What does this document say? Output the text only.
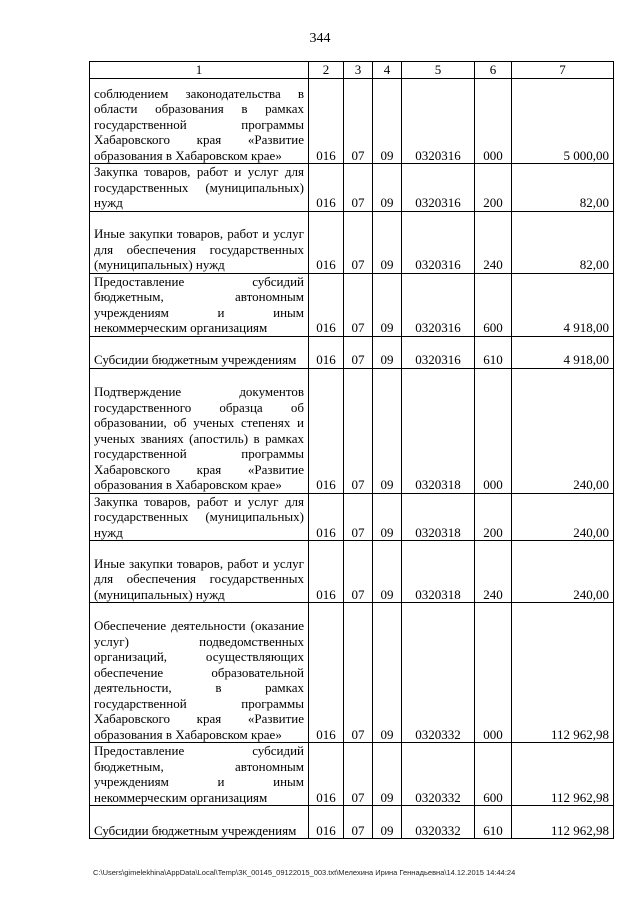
344
1	2	3	4	5	6	7
соблюдением законодательства в области образования в рамках государственной программы Хабаровского края «Развитие образования в Хабаровском крае»	016	07	09	0320316	000	5 000,00
Закупка товаров, работ и услуг для государственных (муниципальных) нужд	016	07	09	0320316	200	82,00
Иные закупки товаров, работ и услуг для обеспечения государственных (муниципальных) нужд	016	07	09	0320316	240	82,00
Предоставление субсидий бюджетным, автономным учреждениям и иным некоммерческим организациям	016	07	09	0320316	600	4 918,00
Субсидии бюджетным учреждениям	016	07	09	0320316	610	4 918,00
Подтверждение документов государственного образца об образовании, об ученых степенях и ученых званиях (апостиль) в рамках государственной программы Хабаровского края «Развитие образования в Хабаровском крае»	016	07	09	0320318	000	240,00
Закупка товаров, работ и услуг для государственных (муниципальных) нужд	016	07	09	0320318	200	240,00
Иные закупки товаров, работ и услуг для обеспечения государственных (муниципальных) нужд	016	07	09	0320318	240	240,00
Обеспечение деятельности (оказание услуг) подведомственных организаций, осуществляющих обеспечение образовательной деятельности, в рамках государственной программы Хабаровского края «Развитие образования в Хабаровском крае»	016	07	09	0320332	000	112 962,98
Предоставление субсидий бюджетным, автономным учреждениям и иным некоммерческим организациям	016	07	09	0320332	600	112 962,98
Субсидии бюджетным учреждениям	016	07	09	0320332	610	112 962,98
C:\Users\gimelekhina\AppData\Local\Temp\ЗК_00145_09122015_003.txt\Мелехина Ирина Геннадьевна\14.12.2015 14:44:24
